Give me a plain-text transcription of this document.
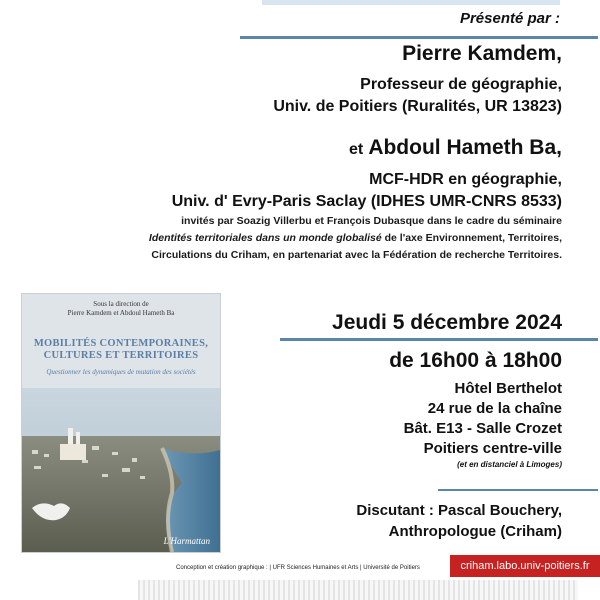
Présenté par :
Pierre Kamdem,
Professeur de géographie,
Univ. de Poitiers (Ruralités, UR 13823)
et Abdoul Hameth Ba,
MCF-HDR en géographie,
Univ. d' Evry-Paris Saclay (IDHES UMR-CNRS 8533)
invités par Soazig Villerbu et François Dubasque dans le cadre du séminaire
Identités territoriales dans un monde globalisé de l'axe Environnement, Territoires,
Circulations du Criham, en partenariat avec la Fédération de recherche Territoires.
Sous la direction de
Pierre Kamdem et Abdoul Hameth Ba
MOBILITÉS CONTEMPORAINES,
CULTURES ET TERRITOIRES
Questionner les dynamiques de mutation des sociétés
L'Harmattan
Jeudi 5 décembre 2024
de 16h00 à 18h00
Hôtel Berthelot
24 rue de la chaîne
Bât. E13 - Salle Crozet
Poitiers centre-ville
(et en distanciel à Limoges)
Discutant : Pascal Bouchery,
Anthropologue (Criham)
Conception et création graphique : | UFR Sciences Humaines et Arts | Université de Poitiers	criham.labo.univ-poitiers.fr
